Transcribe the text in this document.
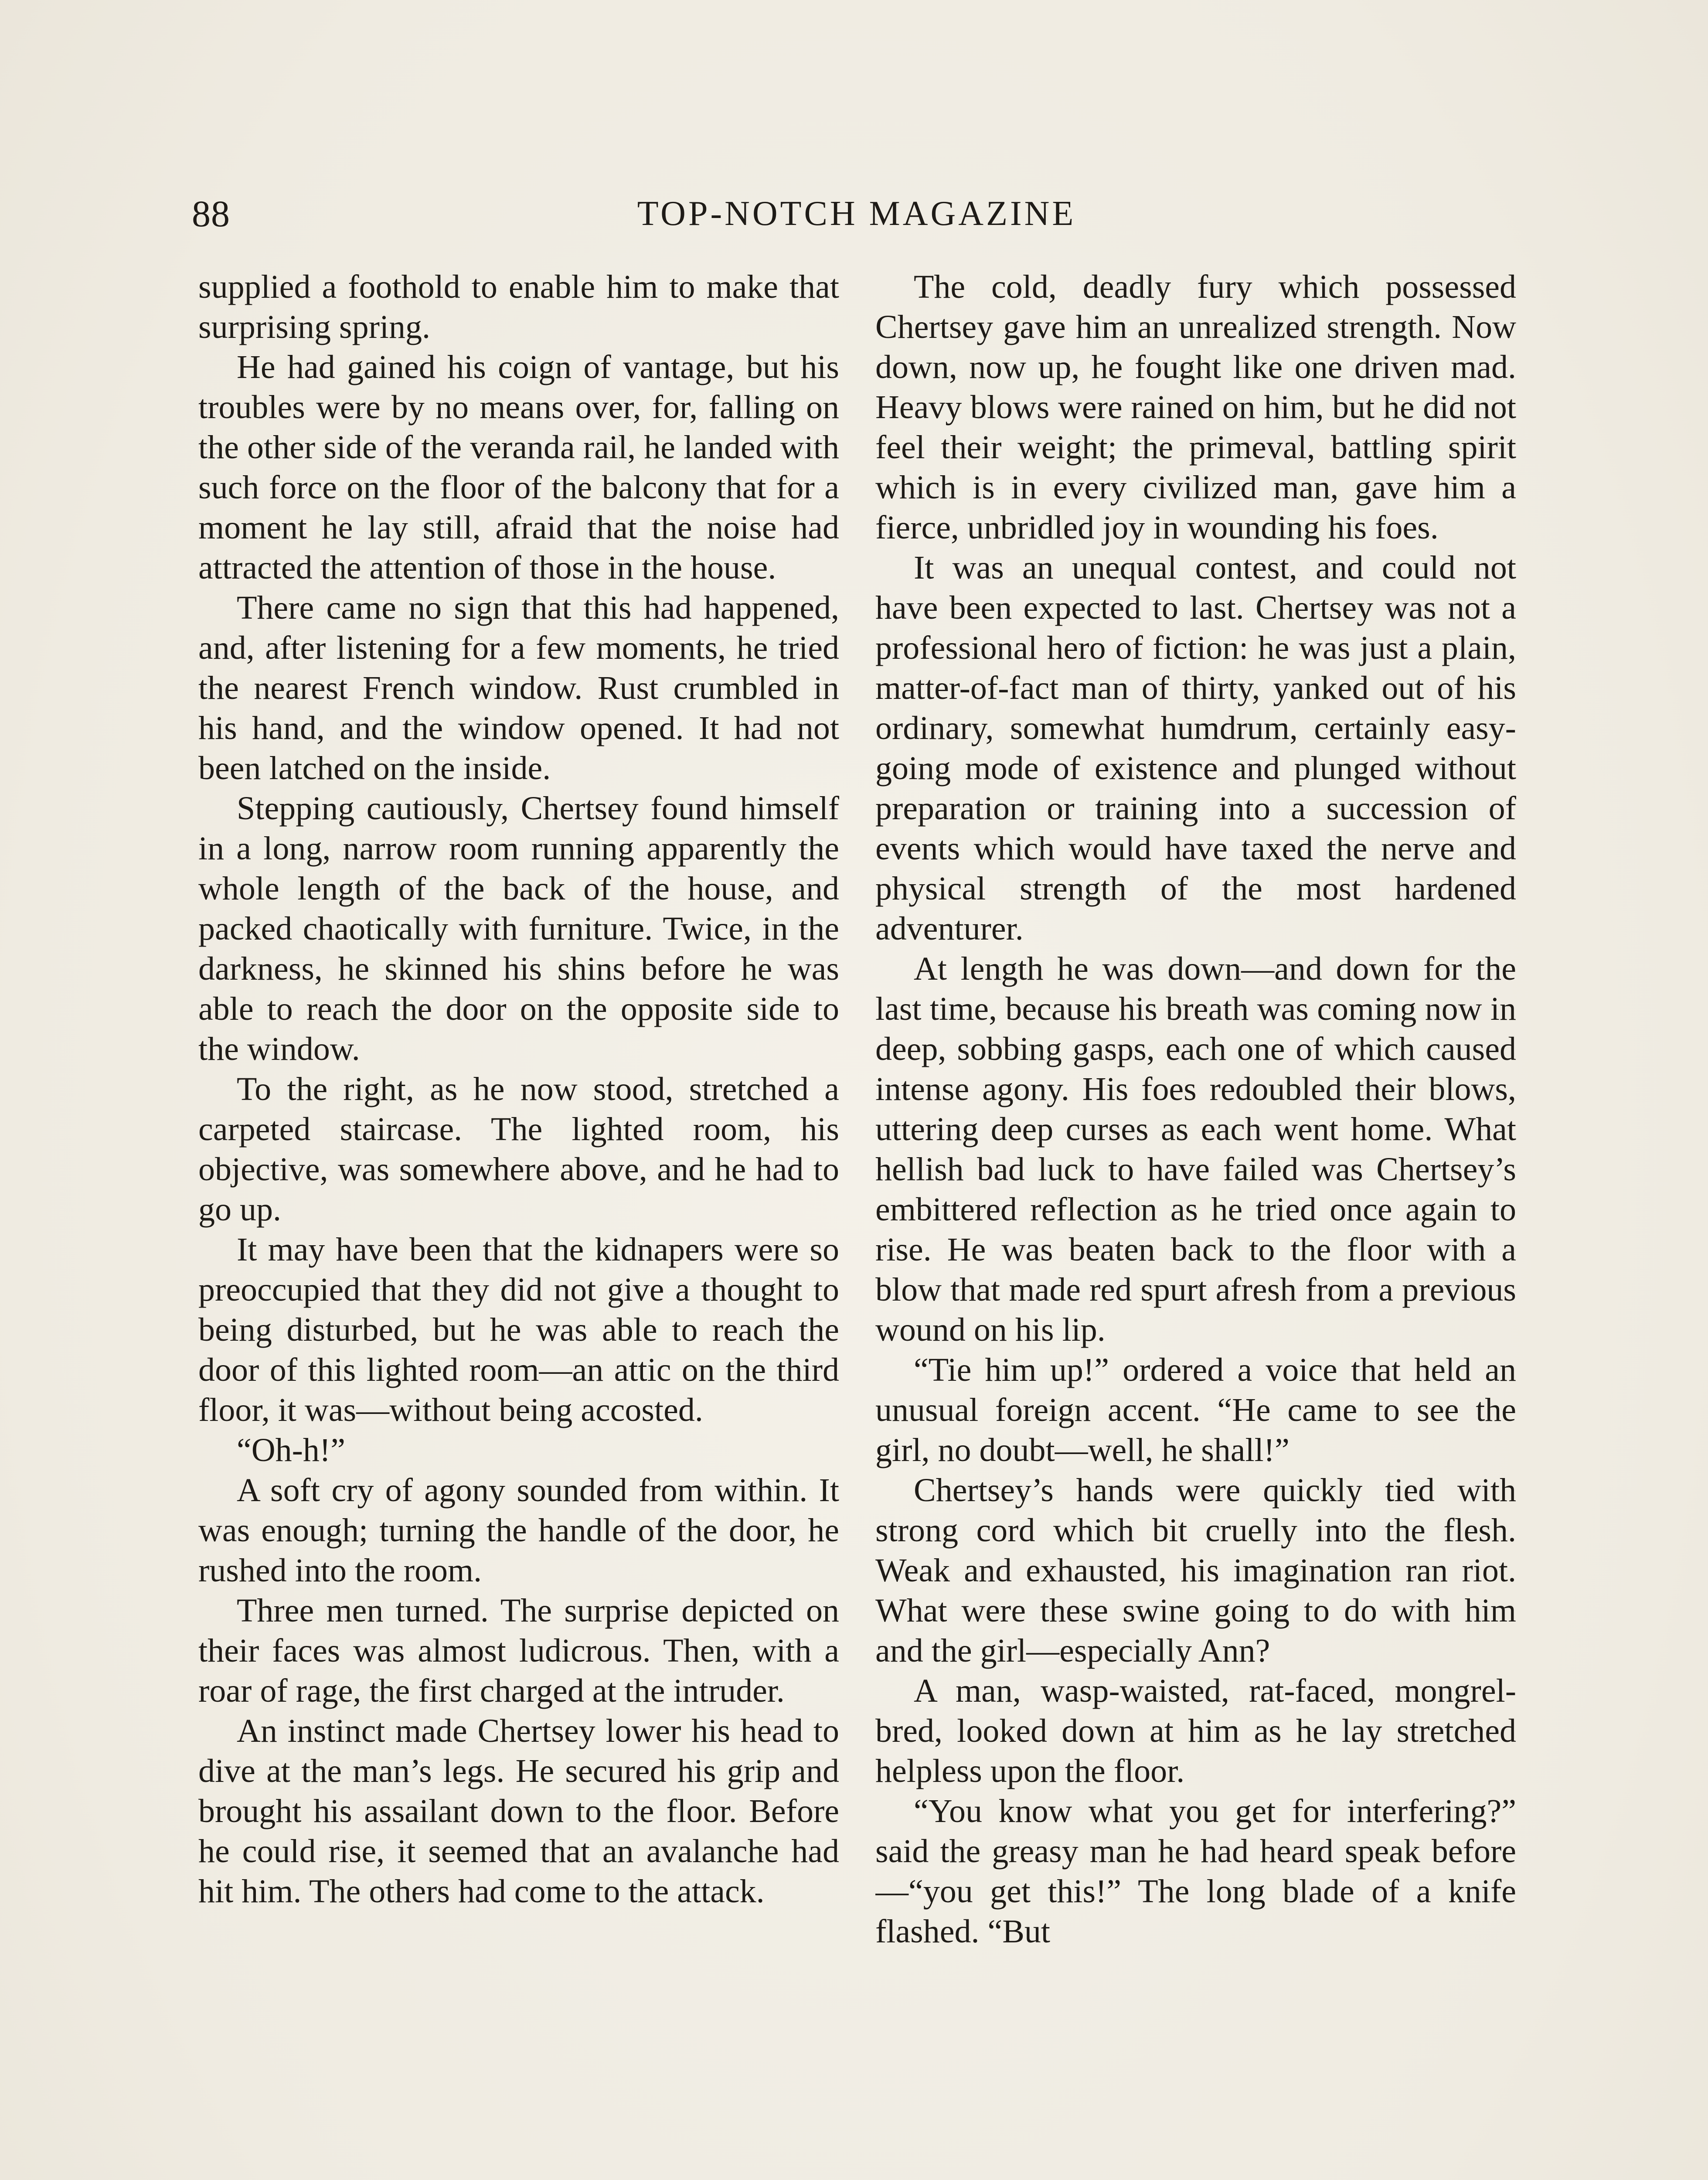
88	TOP-NOTCH MAGAZINE

supplied a foothold to enable him to make that surprising spring.

He had gained his coign of vantage, but his troubles were by no means over, for, falling on the other side of the veranda rail, he landed with such force on the floor of the balcony that for a moment he lay still, afraid that the noise had attracted the attention of those in the house.

There came no sign that this had happened, and, after listening for a few moments, he tried the nearest French window. Rust crumbled in his hand, and the window opened. It had not been latched on the inside.

Stepping cautiously, Chertsey found himself in a long, narrow room running apparently the whole length of the back of the house, and packed chaotically with furniture. Twice, in the darkness, he skinned his shins before he was able to reach the door on the opposite side to the window.

To the right, as he now stood, stretched a carpeted staircase. The lighted room, his objective, was somewhere above, and he had to go up.

It may have been that the kidnapers were so preoccupied that they did not give a thought to being disturbed, but he was able to reach the door of this lighted room—an attic on the third floor, it was—without being accosted.

“Oh-h!”

A soft cry of agony sounded from within. It was enough; turning the handle of the door, he rushed into the room.

Three men turned. The surprise depicted on their faces was almost ludicrous. Then, with a roar of rage, the first charged at the intruder.

An instinct made Chertsey lower his head to dive at the man’s legs. He secured his grip and brought his assailant down to the floor. Before he could rise, it seemed that an avalanche had hit him. The others had come to the attack.

The cold, deadly fury which possessed Chertsey gave him an unrealized strength. Now down, now up, he fought like one driven mad. Heavy blows were rained on him, but he did not feel their weight; the primeval, battling spirit which is in every civilized man, gave him a fierce, unbridled joy in wounding his foes.

It was an unequal contest, and could not have been expected to last. Chertsey was not a professional hero of fiction: he was just a plain, matter-of-fact man of thirty, yanked out of his ordinary, somewhat humdrum, certainly easy-going mode of existence and plunged without preparation or training into a succession of events which would have taxed the nerve and physical strength of the most hardened adventurer.

At length he was down—and down for the last time, because his breath was coming now in deep, sobbing gasps, each one of which caused intense agony. His foes redoubled their blows, uttering deep curses as each went home. What hellish bad luck to have failed was Chertsey’s embittered reflection as he tried once again to rise. He was beaten back to the floor with a blow that made red spurt afresh from a previous wound on his lip.

“Tie him up!” ordered a voice that held an unusual foreign accent. “He came to see the girl, no doubt—well, he shall!”

Chertsey’s hands were quickly tied with strong cord which bit cruelly into the flesh. Weak and exhausted, his imagination ran riot. What were these swine going to do with him and the girl—especially Ann?

A man, wasp-waisted, rat-faced, mongrel-bred, looked down at him as he lay stretched helpless upon the floor.

“You know what you get for interfering?” said the greasy man he had heard speak before—“you get this!” The long blade of a knife flashed. “But
